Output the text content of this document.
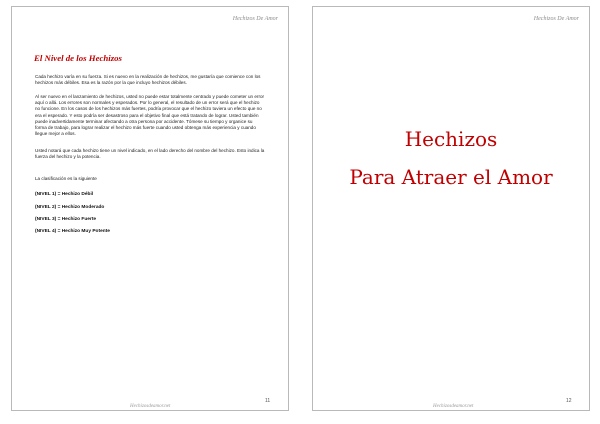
Hechizos De Amor
El Nivel de los Hechizos

Cada hechizo varía en su fuerza. Si es nuevo en la realización de hechizos, me gustaría que comience con los hechizos más débiles. Esa es la razón por la que incluyo hechizos débiles.

Al ser nuevo en el lanzamiento de hechizos, usted no puede estar totalmente centrado y puede cometer un error aquí o allá. Los errores son normales y esperados. Por lo general, el resultado de un error será que el hechizo no funcione. En los casos de los hechizos más fuertes, podría provocar que el hechizo tuviera un efecto que no era el esperado. Y esto podría ser desastroso para el objetivo final que está tratando de lograr. Usted también puede inadvertidamente terminar afectando a otra persona por accidente. Tómese su tiempo y organice su forma de trabajo, para lograr realizar el hechizo más fuerte cuando usted obtenga más experiencia y cuando llegue mejor a ellos.

Usted notará que cada hechizo tiene un nivel indicado, en el lado derecho del nombre del hechizo. Esto indica la fuerza del hechizo y la potencia.

La clasificación es la siguiente

(NIVEL 1) = Hechizo Débil

(NIVEL 2) = Hechizo Moderado

(NIVEL 3) = Hechizo Fuerte

(NIVEL 4) = Hechizo Muy Potente

11
Hechizosdeamor.net
Hechizos De Amor
Hechizos
Para Atraer el Amor
12
Hechizosdeamor.net
